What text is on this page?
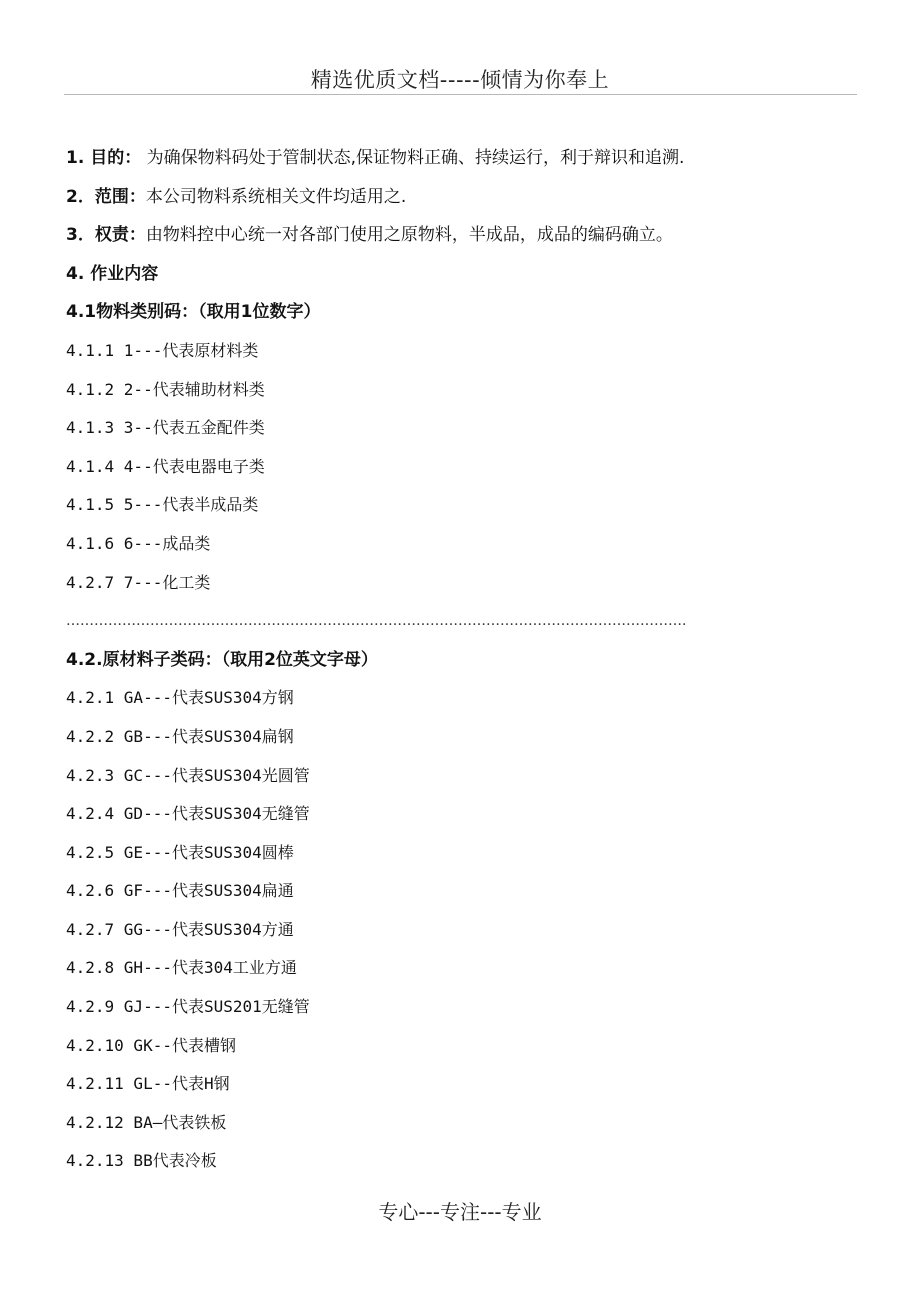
精选优质文档-----倾情为你奉上
1. 目的： 为确保物料码处于管制状态,保证物料正确、持续运行，利于辩识和追溯.
2．范围：本公司物料系统相关文件均适用之.
3．权责：由物料控中心统一对各部门使用之原物料，半成品，成品的编码确立。
4. 作业内容
4.1物料类别码：（取用1位数字）
4.1.1 1---代表原材料类
4.1.2 2--代表辅助材料类
4.1.3 3--代表五金配件类
4.1.4 4--代表电器电子类
4.1.5 5---代表半成品类
4.1.6 6---成品类
4.2.7 7---化工类
…………………………………………………………………………………………………………………….
4.2.原材料子类码：（取用2位英文字母）
4.2.1 GA---代表SUS304方钢
4.2.2 GB---代表SUS304扁钢
4.2.3 GC---代表SUS304光圆管
4.2.4 GD---代表SUS304无缝管
4.2.5 GE---代表SUS304圆棒
4.2.6 GF---代表SUS304扁通
4.2.7 GG---代表SUS304方通
4.2.8 GH---代表304工业方通
4.2.9 GJ---代表SUS201无缝管
4.2.10 GK--代表槽钢
4.2.11 GL--代表H钢
4.2.12 BA—代表铁板
4.2.13 BB代表冷板
专心---专注---专业
